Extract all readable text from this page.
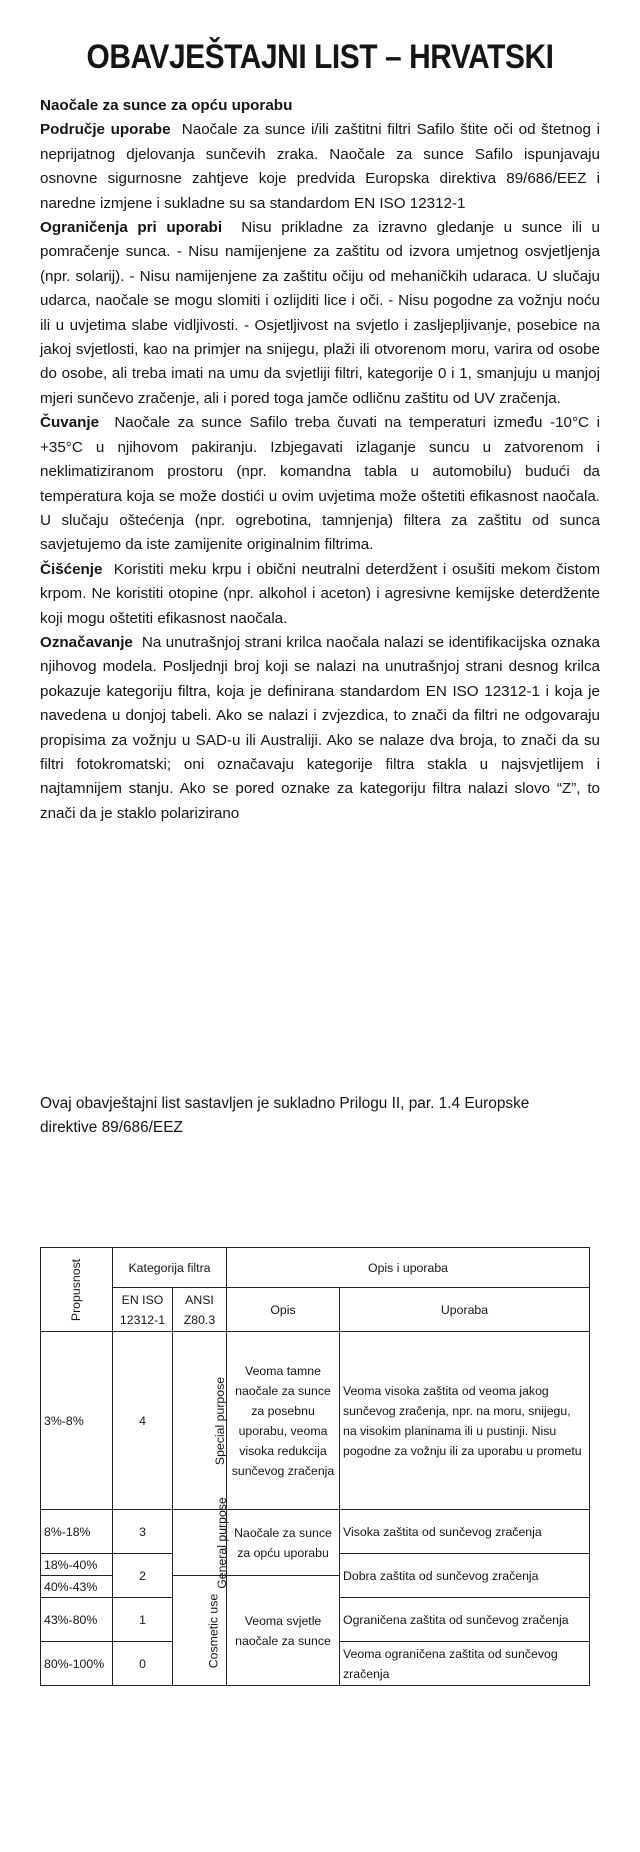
OBAVJEŠTAJNI LIST – HRVATSKI

Naočale za sunce za opću uporabu

Područje uporabe Naočale za sunce i/ili zaštitni filtri Safilo štite oči od štetnog i neprijatnog djelovanja sunčevih zraka. Naočale za sunce Safilo ispunjavaju osnovne sigurnosne zahtjeve koje predvida Europska direktiva 89/686/EEZ i naredne izmjene i sukladne su sa standardom EN ISO 12312-1

Ograničenja pri uporabi Nisu prikladne za izravno gledanje u sunce ili u pomračenje sunca. - Nisu namijenjene za zaštitu od izvora umjetnog osvjetljenja (npr. solarij). - Nisu namijenjene za zaštitu očiju od mehaničkih udaraca. U slučaju udarca, naočale se mogu slomiti i ozlijditi lice i oči. - Nisu pogodne za vožnju noću ili u uvjetima slabe vidljivosti. - Osjetljivost na svjetlo i zasljepljivanje, posebice na jakoj svjetlosti, kao na primjer na snijegu, plaži ili otvorenom moru, varira od osobe do osobe, ali treba imati na umu da svjetliji filtri, kategorije 0 i 1, smanjuju u manjoj mjeri sunčevo zračenje, ali i pored toga jamče odličnu zaštitu od UV zračenja.

Čuvanje Naočale za sunce Safilo treba čuvati na temperaturi između -10°C i +35°C u njihovom pakiranju. Izbjegavati izlaganje suncu u zatvorenom i neklimatiziranom prostoru (npr. komandna tabla u automobilu) budući da temperatura koja se može dostići u ovim uvjetima može oštetiti efikasnost naočala. U slučaju oštećenja (npr. ogrebotina, tamnjenja) filtera za zaštitu od sunca savjetujemo da iste zamijenite originalnim filtrima.

Čišćenje Koristiti meku krpu i obični neutralni deterdžent i osušiti mekom čistom krpom. Ne koristiti otopine (npr. alkohol i aceton) i agresivne kemijske deterdžente koji mogu oštetiti efikasnost naočala.

Označavanje Na unutrašnjoj strani krilca naočala nalazi se identifikacijska oznaka njihovog modela. Posljednji broj koji se nalazi na unutrašnjoj strani desnog krilca pokazuje kategoriju filtra, koja je definirana standardom EN ISO 12312-1 i koja je navedena u donjoj tabeli. Ako se nalazi i zvjezdica, to znači da filtri ne odgovaraju propisima za vožnju u SAD-u ili Australiji. Ako se nalaze dva broja, to znači da su filtri fotokromatski; oni označavaju kategorije filtra stakla u najsvjetlijem i najtamnijem stanju. Ako se pored oznake za kategoriju filtra nalazi slovo “Z”, to znači da je staklo polarizirano

Ovaj obavještajni list sastavljen je sukladno Prilogu II, par. 1.4 Europske direktive 89/686/EEZ
Propusnost	Kategorija filtra		Opis i uporaba	
	EN ISO 12312-1	ANSI Z80.3	Opis	Uporaba
3%-8%	4	Special purpose	Veoma tamne naočale za sunce za posebnu uporabu, veoma visoka redukcija sunčevog zračenja	Veoma visoka zaštita od veoma jakog sunčevog zračenja, npr. na moru, snijegu, na visokim planinama ili u pustinji. Nisu pogodne za vožnju ili za uporabu u prometu
8%-18%	3	General purpose	Naočale za sunce za opću uporabu	Visoka zaštita od sunčevog zračenja
18%-40%	2			Dobra zaštita od sunčevog zračenja
40%-43%		Cosmetic use	Veoma svjetle naočale za sunce	
43%-80%	1			Ograničena zaštita od sunčevog zračenja
80%-100%	0			Veoma ograničena zaštita od sunčevog zračenja
